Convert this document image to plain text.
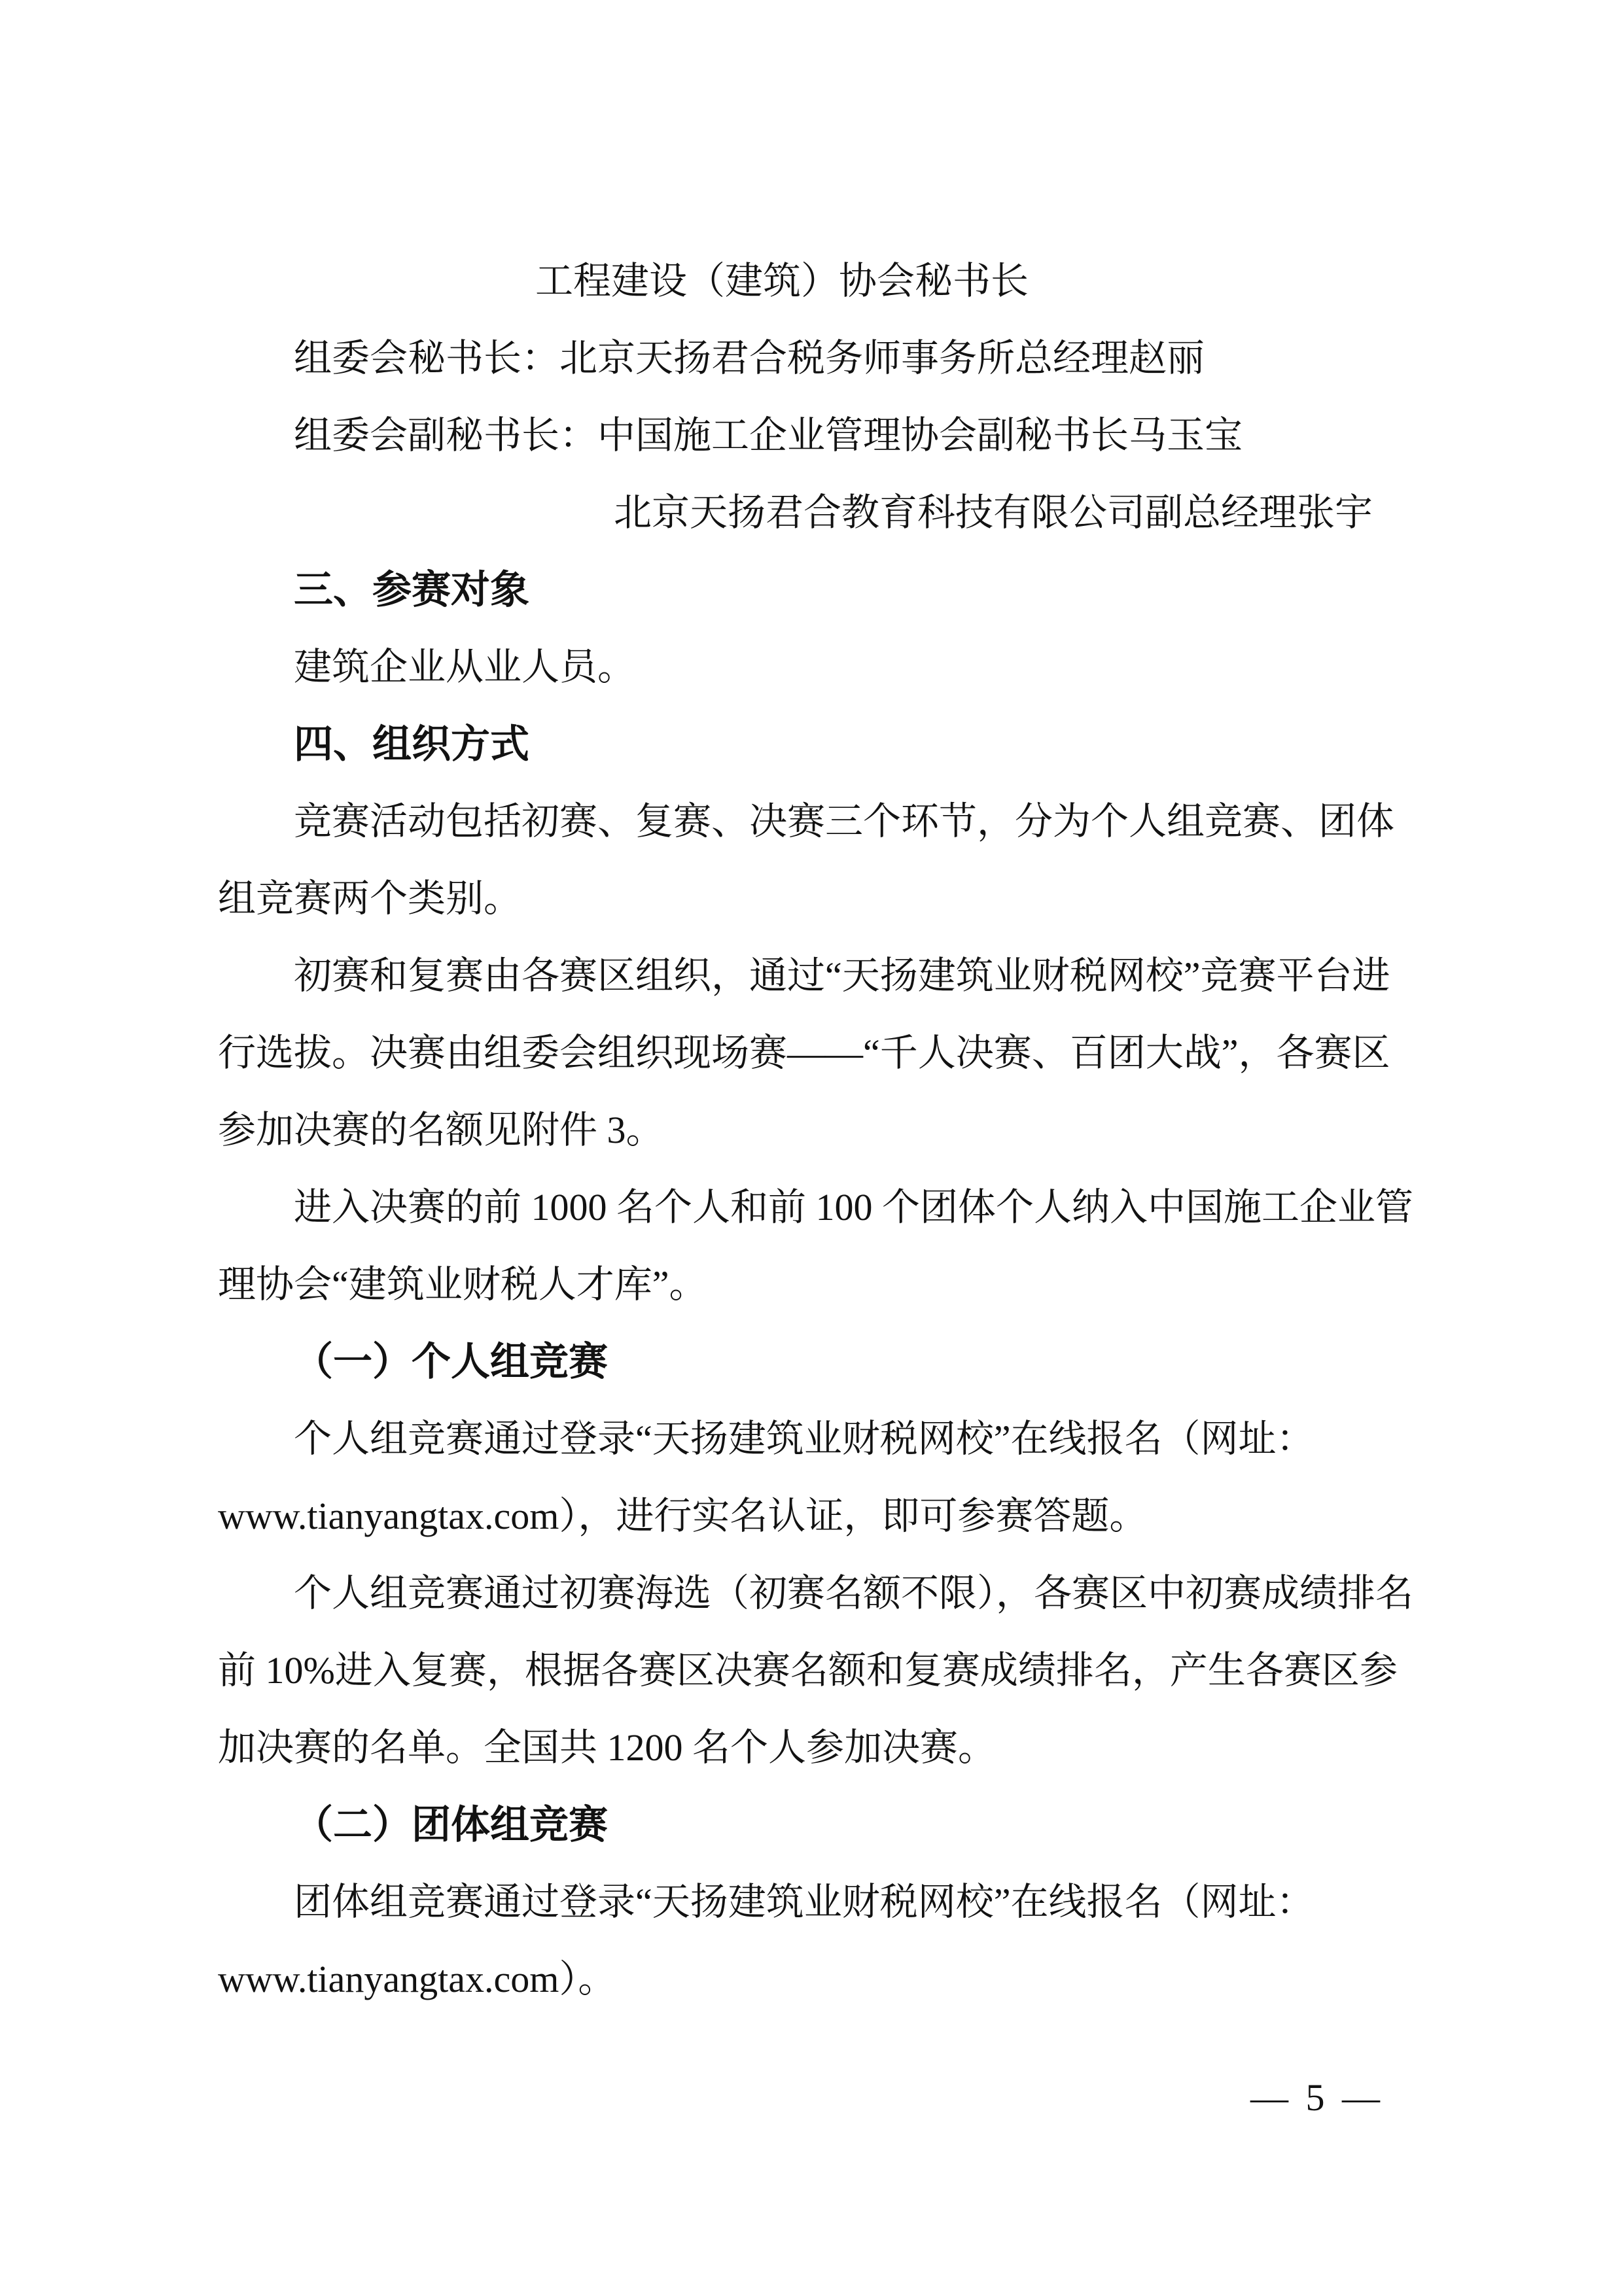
工程建设（建筑）协会秘书长
组委会秘书长：北京天扬君合税务师事务所总经理赵丽
组委会副秘书长：中国施工企业管理协会副秘书长马玉宝
北京天扬君合教育科技有限公司副总经理张宇
三、参赛对象
建筑企业从业人员。
四、组织方式
竞赛活动包括初赛、复赛、决赛三个环节，分为个人组竞赛、团体
组竞赛两个类别。
初赛和复赛由各赛区组织，通过“天扬建筑业财税网校”竞赛平台进
行选拔。决赛由组委会组织现场赛——“千人决赛、百团大战”，各赛区
参加决赛的名额见附件 3。
进入决赛的前 1000 名个人和前 100 个团体个人纳入中国施工企业管
理协会“建筑业财税人才库”。
（一）个人组竞赛
个人组竞赛通过登录“天扬建筑业财税网校”在线报名（网址：
www.tianyangtax.com），进行实名认证，即可参赛答题。
个人组竞赛通过初赛海选（初赛名额不限），各赛区中初赛成绩排名
前 10%进入复赛，根据各赛区决赛名额和复赛成绩排名，产生各赛区参
加决赛的名单。全国共 1200 名个人参加决赛。
（二）团体组竞赛
团体组竞赛通过登录“天扬建筑业财税网校”在线报名（网址：
www.tianyangtax.com）。
— 5 —
